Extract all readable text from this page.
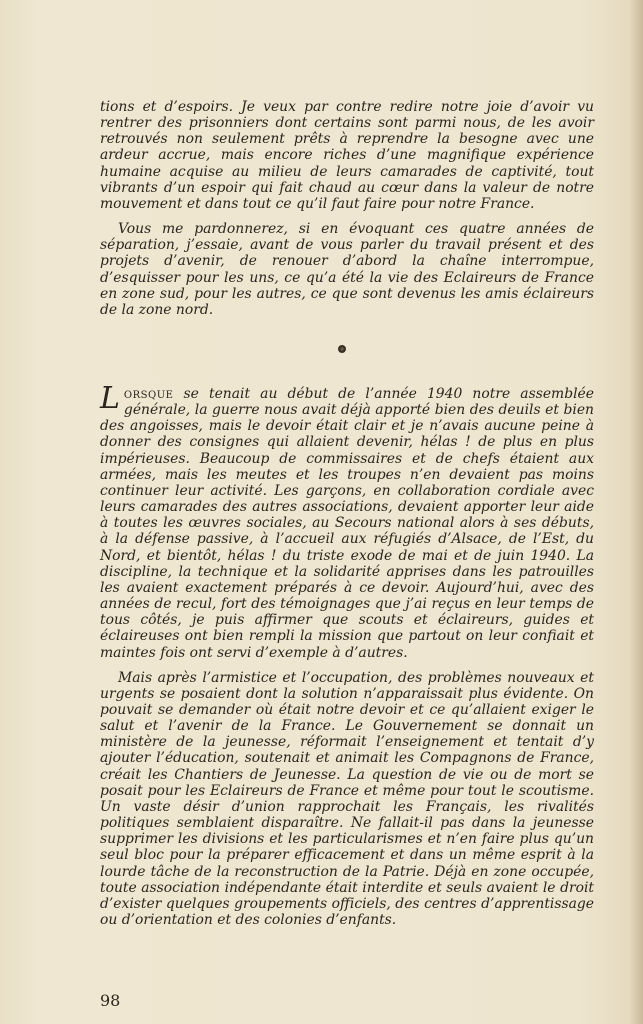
tions et d’espoirs. Je veux par contre redire notre joie d’avoir vu rentrer des prisonniers dont certains sont parmi nous, de les avoir retrouvés non seulement prêts à reprendre la besogne avec une ardeur accrue, mais encore riches d’une magnifique expérience humaine acquise au milieu de leurs camarades de captivité, tout vibrants d’un espoir qui fait chaud au cœur dans la valeur de notre mouvement et dans tout ce qu’il faut faire pour notre France.

Vous me pardonnerez, si en évoquant ces quatre années de séparation, j’essaie, avant de vous parler du travail présent et des projets d’avenir, de renouer d’abord la chaîne interrompue, d’esquisser pour les uns, ce qu’a été la vie des Eclaireurs de France en zone sud, pour les autres, ce que sont devenus les amis éclaireurs de la zone nord.

Lorsque se tenait au début de l’année 1940 notre assemblée générale, la guerre nous avait déjà apporté bien des deuils et bien des angoisses, mais le devoir était clair et je n’avais aucune peine à donner des consignes qui allaient devenir, hélas ! de plus en plus impérieuses. Beaucoup de commissaires et de chefs étaient aux armées, mais les meutes et les troupes n’en devaient pas moins continuer leur activité. Les garçons, en collaboration cordiale avec leurs camarades des autres associations, devaient apporter leur aide à toutes les œuvres sociales, au Secours national alors à ses débuts, à la défense passive, à l’accueil aux réfugiés d’Alsace, de l’Est, du Nord, et bientôt, hélas ! du triste exode de mai et de juin 1940. La discipline, la technique et la solidarité apprises dans les patrouilles les avaient exactement préparés à ce devoir. Aujourd’hui, avec des années de recul, fort des témoignages que j’ai reçus en leur temps de tous côtés, je puis affirmer que scouts et éclaireurs, guides et éclaireuses ont bien rempli la mission que partout on leur confiait et maintes fois ont servi d’exemple à d’autres.

Mais après l’armistice et l’occupation, des problèmes nouveaux et urgents se posaient dont la solution n’apparaissait plus évidente. On pouvait se demander où était notre devoir et ce qu’allaient exiger le salut et l’avenir de la France. Le Gouvernement se donnait un ministère de la jeunesse, réformait l’enseignement et tentait d’y ajouter l’éducation, soutenait et animait les Compagnons de France, créait les Chantiers de Jeunesse. La question de vie ou de mort se posait pour les Eclaireurs de France et même pour tout le scoutisme. Un vaste désir d’union rapprochait les Français, les rivalités politiques semblaient disparaître. Ne fallait-il pas dans la jeunesse supprimer les divisions et les particularismes et n’en faire plus qu’un seul bloc pour la préparer efficacement et dans un même esprit à la lourde tâche de la reconstruction de la Patrie. Déjà en zone occupée, toute association indépendante était interdite et seuls avaient le droit d’exister quelques groupements officiels, des centres d’apprentissage ou d’orientation et des colonies d’enfants.

98
